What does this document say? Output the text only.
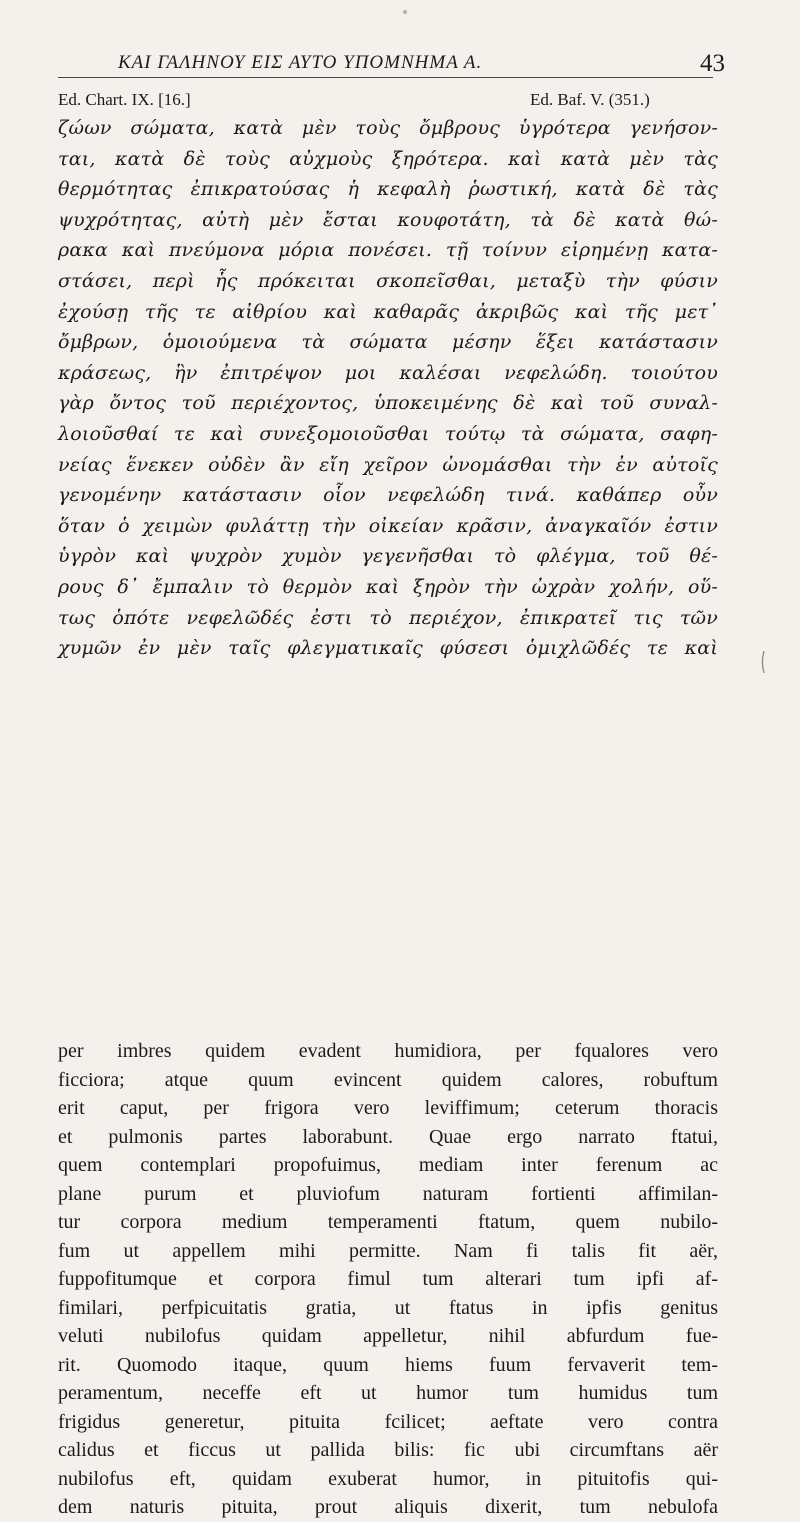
KAI ΓΑΛΗΝΟΥ ΕΙΣ ΑΥΤΟ ΥΠΟΜΝΗΜΑ Α.	43
Ed. Chart. IX. [16.]	Ed. Baf. V. (351.)
ζώων σώματα, κατὰ μὲν τοὺς ὄμβρους ὑγρότερα γενήσον-
ται, κατὰ δὲ τοὺς αὐχμοὺς ξηρότερα. καὶ κατὰ μὲν τὰς
θερμότητας ἐπικρατούσας ἡ κεφαλὴ ῥωστική, κατὰ δὲ τὰς
ψυχρότητας, αὐτὴ μὲν ἔσται κουφοτάτη, τὰ δὲ κατὰ θώ-
ρακα καὶ πνεύμονα μόρια πονέσει. τῇ τοίνυν εἰρημένῃ κατα-
στάσει, περὶ ἧς πρόκειται σκοπεῖσθαι, μεταξὺ τὴν φύσιν
ἐχούσῃ τῆς τε αἰθρίου καὶ καθαρᾶς ἀκριβῶς καὶ τῆς μετ᾽
ὄμβρων, ὁμοιούμενα τὰ σώματα μέσην ἕξει κατάστασιν
κράσεως, ἣν ἐπιτρέψον μοι καλέσαι νεφελώδη. τοιούτου
γὰρ ὄντος τοῦ περιέχοντος, ὑποκειμένης δὲ καὶ τοῦ συναλ-
λοιοῦσθαί τε καὶ συνεξομοιοῦσθαι τούτῳ τὰ σώματα, σαφη-
νείας ἕνεκεν οὐδὲν ἂν εἴη χεῖρον ὠνομάσθαι τὴν ἐν αὐτοῖς
γενομένην κατάστασιν οἷον νεφελώδη τινά. καθάπερ οὖν
ὅταν ὁ χειμὼν φυλάττῃ τὴν οἰκείαν κρᾶσιν, ἀναγκαῖόν ἐστιν
ὑγρὸν καὶ ψυχρὸν χυμὸν γεγενῆσθαι τὸ φλέγμα, τοῦ θέ-
ρους δ᾽ ἔμπαλιν τὸ θερμὸν καὶ ξηρὸν τὴν ὠχρὰν χολήν, οὕ-
τως ὁπότε νεφελῶδές ἐστι τὸ περιέχον, ἐπικρατεῖ τις τῶν
χυμῶν ἐν μὲν ταῖς φλεγματικαῖς φύσεσι ὁμιχλῶδές τε καὶ
per imbres quidem evadent humidiora, per fqualores vero
ficciora; atque quum evincent quidem calores, robuftum
erit caput, per frigora vero leviffimum; ceterum thoracis
et pulmonis partes laborabunt. Quae ergo narrato ftatui,
quem contemplari propofuimus, mediam inter ferenum ac
plane purum et pluviofum naturam fortienti affimilan-
tur corpora medium temperamenti ftatum, quem nubilo-
fum ut appellem mihi permitte. Nam fi talis fit aër,
fuppofitumque et corpora fimul tum alterari tum ipfi af-
fimilari, perfpicuitatis gratia, ut ftatus in ipfis genitus
veluti nubilofus quidam appelletur, nihil abfurdum fue-
rit. Quomodo itaque, quum hiems fuum fervaverit tem-
peramentum, neceffe eft ut humor tum humidus tum
frigidus generetur, pituita fcilicet; aeftate vero contra
calidus et ficcus ut pallida bilis: fic ubi circumftans aër
nubilofus eft, quidam exuberat humor, in pituitofis qui-
dem naturis pituita, prout aliquis dixerit, tum nebulofa
